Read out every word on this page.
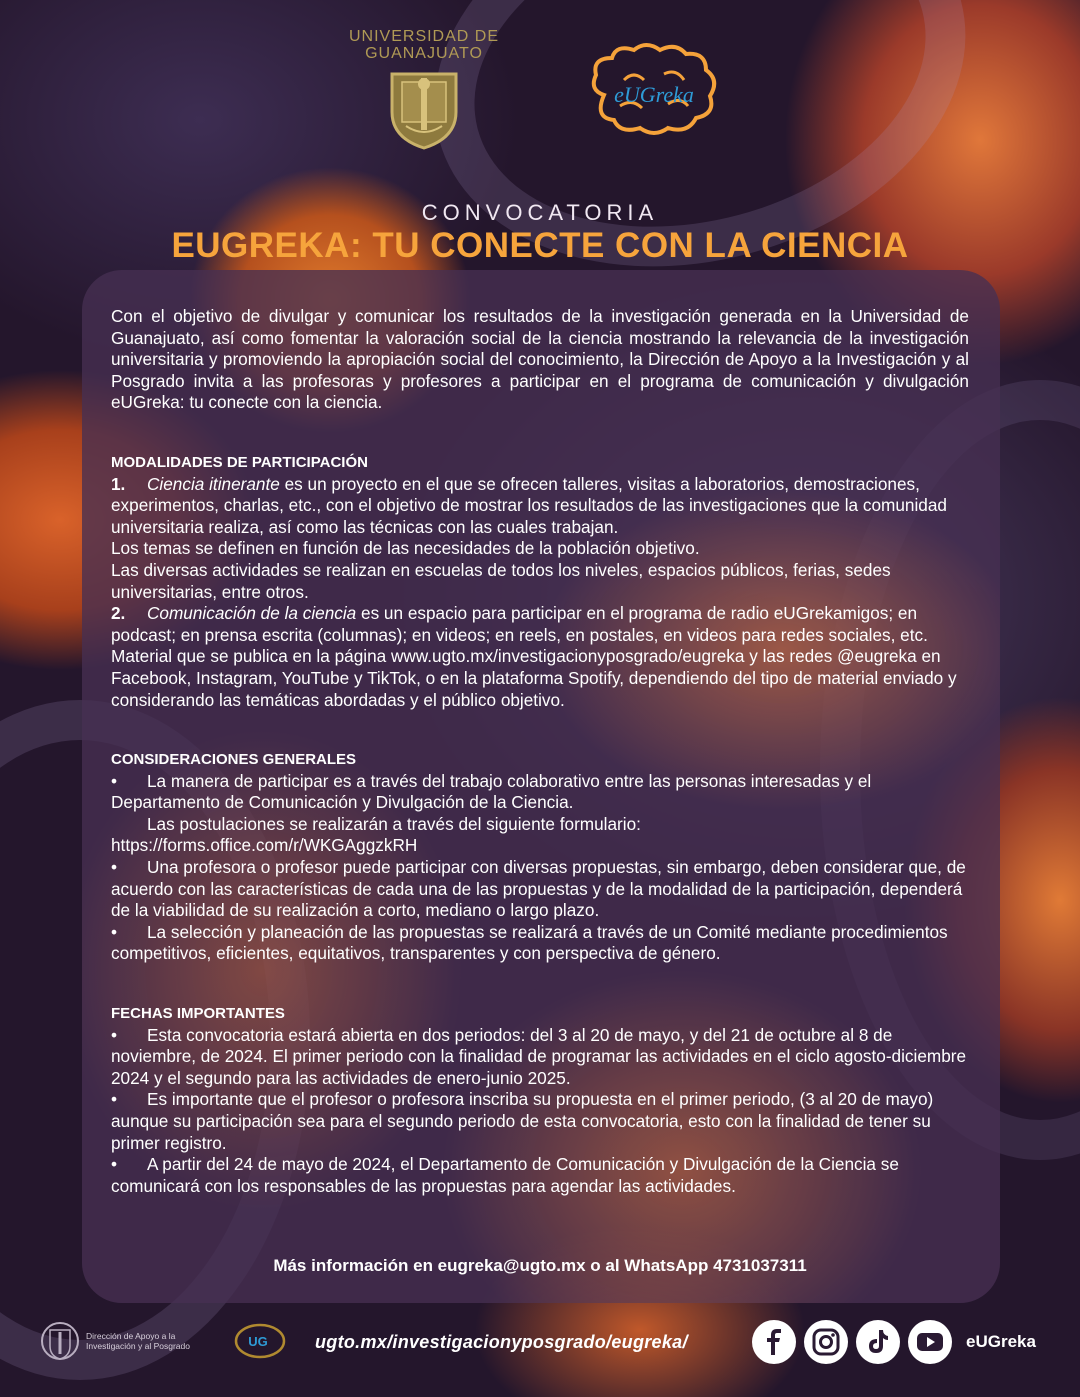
UNIVERSIDAD DE
GUANAJUATO
eUGreka
CONVOCATORIA
EUGREKA: TU CONECTE CON LA CIENCIA

Con el objetivo de divulgar y comunicar los resultados de la investigación generada en la Universidad de Guanajuato, así como fomentar la valoración social de la ciencia mostrando la relevancia de la investigación universitaria y promoviendo la apropiación social del conocimiento, la Dirección de Apoyo a la Investigación y al Posgrado invita a las profesoras y profesores a participar en el programa de comunicación y divulgación eUGreka: tu conecte con la ciencia.

MODALIDADES DE PARTICIPACIÓN

1. Ciencia itinerante es un proyecto en el que se ofrecen talleres, visitas a laboratorios, demostraciones, experimentos, charlas, etc., con el objetivo de mostrar los resultados de las investigaciones que la comunidad universitaria realiza, así como las técnicas con las cuales trabajan.

Los temas se definen en función de las necesidades de la población objetivo.

Las diversas actividades se realizan en escuelas de todos los niveles, espacios públicos, ferias, sedes universitarias, entre otros.

2. Comunicación de la ciencia es un espacio para participar en el programa de radio eUGrekamigos; en podcast; en prensa escrita (columnas); en videos; en reels, en postales, en videos para redes sociales, etc. Material que se publica en la página www.ugto.mx/investigacionyposgrado/eugreka y las redes @eugreka en Facebook, Instagram, YouTube y TikTok, o en la plataforma Spotify, dependiendo del tipo de material enviado y considerando las temáticas abordadas y el público objetivo.

CONSIDERACIONES GENERALES

• La manera de participar es a través del trabajo colaborativo entre las personas interesadas y el Departamento de Comunicación y Divulgación de la Ciencia.

Las postulaciones se realizarán a través del siguiente formulario:

https://forms.office.com/r/WKGAggzkRH

• Una profesora o profesor puede participar con diversas propuestas, sin embargo, deben considerar que, de acuerdo con las características de cada una de las propuestas y de la modalidad de la participación, dependerá de la viabilidad de su realización a corto, mediano o largo plazo.

• La selección y planeación de las propuestas se realizará a través de un Comité mediante procedimientos competitivos, eficientes, equitativos, transparentes y con perspectiva de género.

FECHAS IMPORTANTES

• Esta convocatoria estará abierta en dos periodos: del 3 al 20 de mayo, y del 21 de octubre al 8 de noviembre, de 2024. El primer periodo con la finalidad de programar las actividades en el ciclo agosto-diciembre 2024 y el segundo para las actividades de enero-junio 2025.

• Es importante que el profesor o profesora inscriba su propuesta en el primer periodo, (3 al 20 de mayo) aunque su participación sea para el segundo periodo de esta convocatoria, esto con la finalidad de tener su primer registro.

• A partir del 24 de mayo de 2024, el Departamento de Comunicación y Divulgación de la Ciencia se comunicará con los responsables de las propuestas para agendar las actividades.

Más información en eugreka@ugto.mx o al WhatsApp 4731037311
Dirección de Apoyo a la
Investigación y al Posgrado	UG	ugto.mx/investigacionyposgrado/eugreka/	eUGreka
